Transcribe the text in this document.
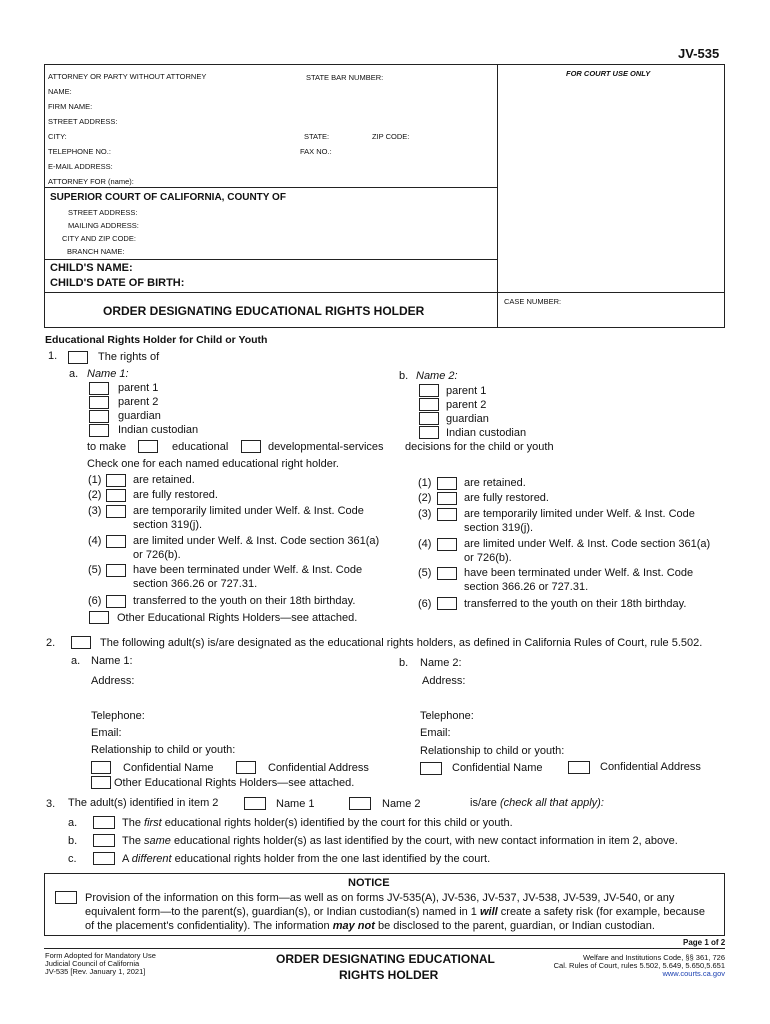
JV-535
ATTORNEY OR PARTY WITHOUT ATTORNEY	STATE BAR NUMBER:	FOR COURT USE ONLY
NAME:
FIRM NAME:
STREET ADDRESS:
CITY:	STATE:	ZIP CODE:
TELEPHONE NO.:	FAX NO.:
E-MAIL ADDRESS:
ATTORNEY FOR (name):
SUPERIOR COURT OF CALIFORNIA, COUNTY OF
STREET ADDRESS:
MAILING ADDRESS:
CITY AND ZIP CODE:
BRANCH NAME:
CHILD'S NAME:
CHILD'S DATE OF BIRTH:
ORDER DESIGNATING EDUCATIONAL RIGHTS HOLDER
CASE NUMBER:
Educational Rights Holder for Child or Youth
1.	The rights of
a. Name 1:
parent 1
parent 2
guardian
Indian custodian
b. Name 2:
parent 1
parent 2
guardian
Indian custodian
to make	educational	developmental-services decisions for the child or youth
Check one for each named educational right holder.
(1)	are retained.
(2)	are fully restored.
(3)	are temporarily limited under Welf. & Inst. Code
section 319(j).
(4)	are limited under Welf. & Inst. Code section 361(a)
or 726(b).
(5)	have been terminated under Welf. & Inst. Code
section 366.26 or 727.31.
(6)	transferred to the youth on their 18th birthday.
Other Educational Rights Holders—see attached.
(1)	are retained.
(2)	are fully restored.
(3)	are temporarily limited under Welf. & Inst. Code
section 319(j).
(4)	are limited under Welf. & Inst. Code section 361(a)
or 726(b).
(5)	have been terminated under Welf. & Inst. Code
section 366.26 or 727.31.
(6)	transferred to the youth on their 18th birthday.
2.	The following adult(s) is/are designated as the educational rights holders, as defined in California Rules of Court, rule 5.502.
a. Name 1:
Address:
Telephone:
Email:
Relationship to child or youth:
Confidential Name	Confidential Address
Other Educational Rights Holders—see attached.
b. Name 2:
Address:
Telephone:
Email:
Relationship to child or youth:
Confidential Name	Confidential Address
3. The adult(s) identified in item 2	Name 1	Name 2	is/are (check all that apply):
a.	The first educational rights holder(s) identified by the court for this child or youth.
b.	The same educational rights holder(s) as last identified by the court, with new contact information in item 2, above.
c.	A different educational rights holder from the one last identified by the court.
NOTICE
Provision of the information on this form—as well as on forms JV-535(A), JV-536, JV-537, JV-538, JV-539, JV-540, or any
equivalent form—to the parent(s), guardian(s), or Indian custodian(s) named in 1 will create a safety risk (for example, because
of the placement's confidentiality). The information may not be disclosed to the parent, guardian, or Indian custodian.
Page 1 of 2
Form Adopted for Mandatory Use
Judicial Council of California
JV-535 [Rev. January 1, 2021]
ORDER DESIGNATING EDUCATIONAL
RIGHTS HOLDER
Welfare and Institutions Code, §§ 361, 726
Cal. Rules of Court, rules 5.502, 5.649, 5.650,5.651
www.courts.ca.gov
